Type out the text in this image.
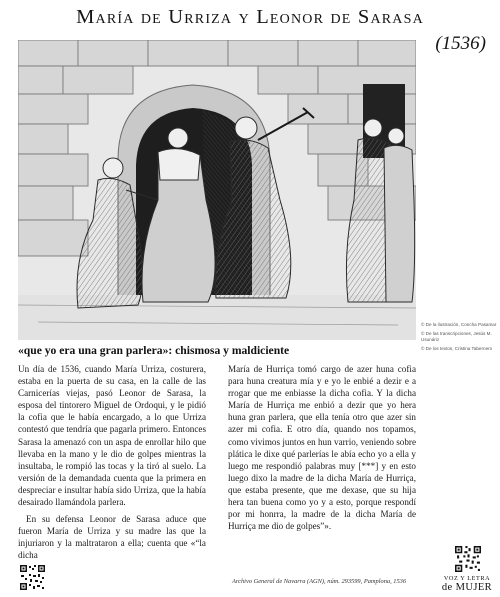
María de Urriza y Leonor de Sarasa
(1536)
© De la ilustración, Concha Pasamar
© De las transcripciones, Jesús M. Usunáriz
© De los textos, Cristina Tabernero
«que yo era una gran parlera»: chismosa y maldiciente

Un día de 1536, cuando María Urriza, costurera, estaba en la puerta de su casa, en la calle de las Carnicerías viejas, pasó Leonor de Sarasa, la esposa del tintorero Miguel de Ordoqui, y le pidió la cofia que le había encargado, a lo que Urriza contestó que tendría que pagarla primero. Entonces Sarasa la amenazó con un aspa de enrollar hilo que llevaba en la mano y le dio de golpes mientras la insultaba, le rompió las tocas y la tiró al suelo. La versión de la demandada cuenta que la primera en despreciar e insultar había sido Urriza, que la había desairado llamándola parlera.

En su defensa Leonor de Sarasa aduce que fueron María de Urriza y su madre las que la injuriaron y la maltrataron a ella; cuenta que «“la dicha

María de Hurriça tomó cargo de azer huna cofia para huna creatura mía y e yo le enbié a dezir e a rrogar que me enbiasse la dicha cofia. Y la dicha María de Hurriça me enbió a dezir que yo hera huna gran parlera, que ella tenía otro que azer sin azer mi cofia. E otro día, quando nos topamos, como vivimos juntos en hun varrio, veniendo sobre plática le dixe qué parlerías le abía echo yo a ella y luego me respondió palabras muy [***] y en esto luego dixo la madre de la dicha María de Hurriça, que estaba presente, que me dexase, que su hija hera tan buena como yo y a esto, porque respondí por mi honrra, la madre de la dicha María de Hurriça me dio de golpes”».

Archivo General de Navarra (AGN), núm. 293599, Pamplona, 1536	VOZ Y LETRA
de MUJER
